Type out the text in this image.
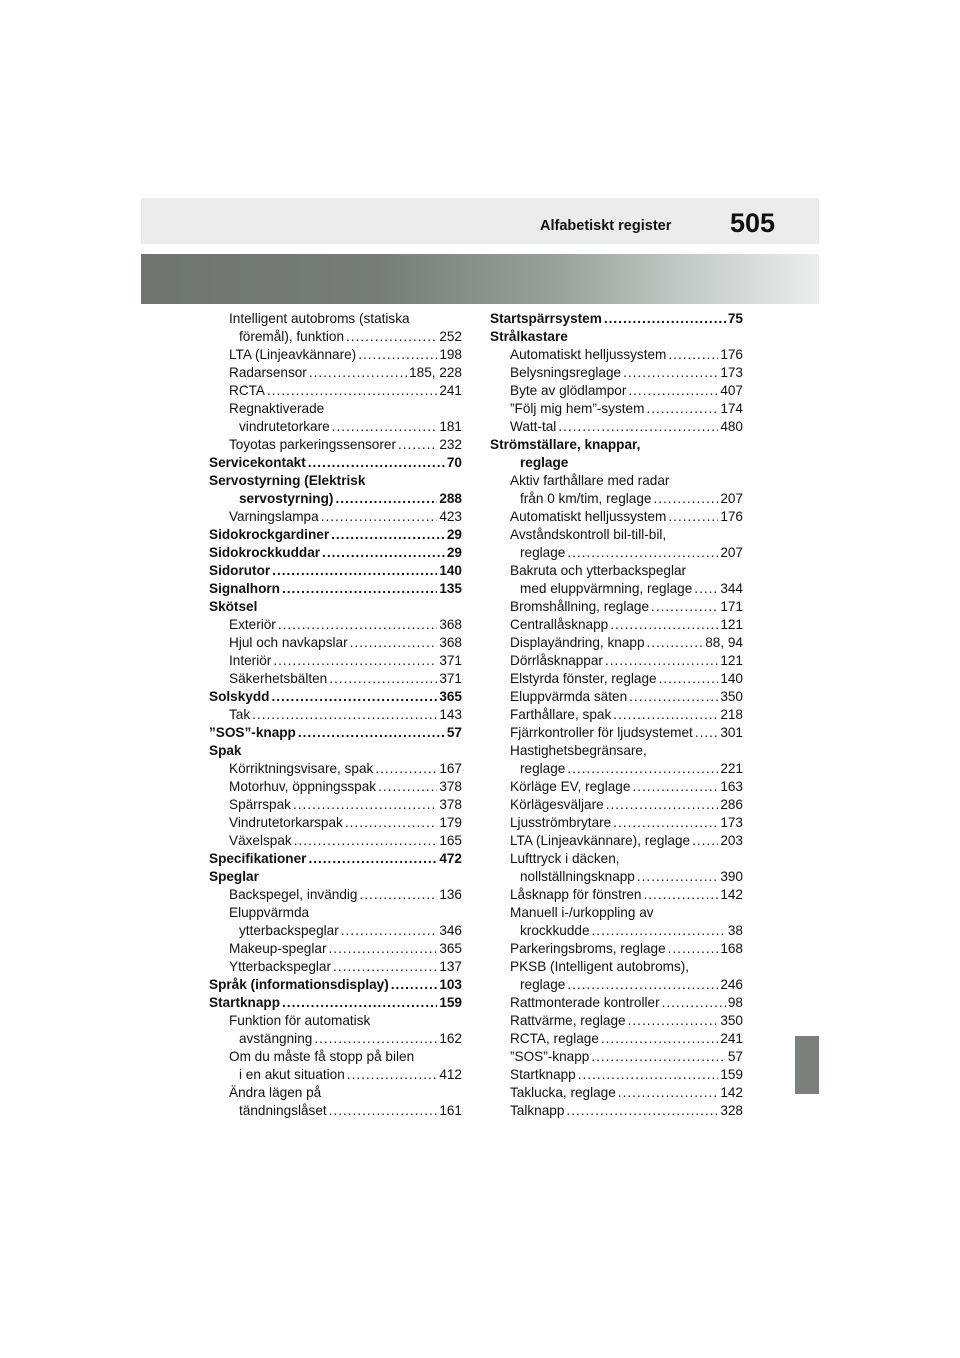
Alfabetiskt register 505
Intelligent autobroms (statiska
föremål), funktion .....	252
LTA (Linjeavkännare) .....	198
Radarsensor .....	185, 228
RCTA .....	241
Regnaktiverade
vindrutetorkare .....	181
Toyotas parkeringssensorer .....	232
Servicekontakt .....	70
Servostyrning (Elektrisk
servostyrning) .....	288
Varningslampa .....	423
Sidokrockgardiner .....	29
Sidokrockkuddar .....	29
Sidorutor .....	140
Signalhorn .....	135
Skötsel
Exteriör .....	368
Hjul och navkapslar .....	368
Interiör .....	371
Säkerhetsbälten .....	371
Solskydd .....	365
Tak .....	143
”SOS”-knapp .....	57
Spak
Körriktningsvisare, spak .....	167
Motorhuv, öppningsspak .....	378
Spärrspak .....	378
Vindrutetorkarspak .....	179
Växelspak .....	165
Specifikationer .....	472
Speglar
Backspegel, invändig .....	136
Eluppvärmda
ytterbackspeglar .....	346
Makeup-speglar .....	365
Ytterbackspeglar .....	137
Språk (informationsdisplay) .....	103
Startknapp .....	159
Funktion för automatisk
avstängning .....	162
Om du måste få stopp på bilen
i en akut situation .....	412
Ändra lägen på
tändningslåset .....	161
Startspärrsystem .....	75
Strålkastare
Automatiskt helljussystem .....	176
Belysningsreglage .....	173
Byte av glödlampor .....	407
”Följ mig hem”-system .....	174
Watt-tal .....	480
Strömställare, knappar,
reglage
Aktiv farthållare med radar
från 0 km/tim, reglage .....	207
Automatiskt helljussystem .....	176
Avståndskontroll bil-till-bil,
reglage .....	207
Bakruta och ytterbackspeglar
med eluppvärmning, reglage ..... 344
Bromshållning, reglage .....	171
Centrallåsknapp .....	121
Displayändring, knapp .....	88, 94
Dörrlåsknappar .....	121
Elstyrda fönster, reglage .....	140
Eluppvärmda säten .....	350
Farthållare, spak .....	218
Fjärrkontroller för ljudsystemet ..... 301
Hastighetsbegränsare,
reglage .....	221
Körläge EV, reglage .....	163
Körlägesväljare .....	286
Ljusströmbrytare .....	173
LTA (Linjeavkännare), reglage ..... 203
Lufttryck i däcken,
nollställningsknapp .....	390
Låsknapp för fönstren .....	142
Manuell i-/urkoppling av
krockkudde .....	38
Parkeringsbroms, reglage .....	168
PKSB (Intelligent autobroms),
reglage .....	246
Rattmonterade kontroller .....	98
Rattvärme, reglage .....	350
RCTA, reglage .....	241
”SOS”-knapp .....	57
Startknapp .....	159
Taklucka, reglage .....	142
Talknapp .....	328
